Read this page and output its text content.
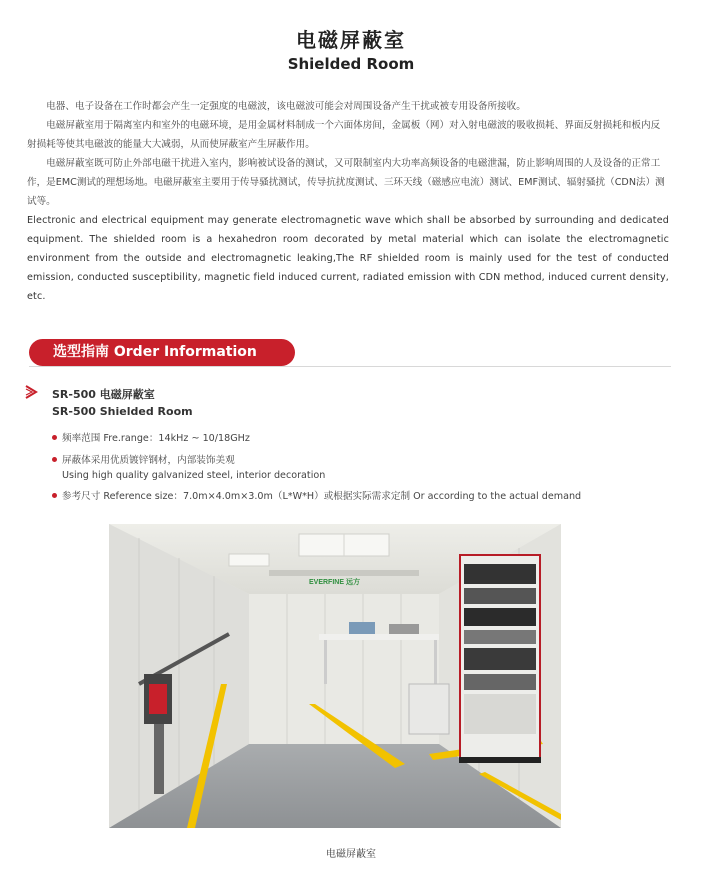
电磁屏蔽室
Shielded Room

电器、电子设备在工作时都会产生一定强度的电磁波，该电磁波可能会对周围设备产生干扰或被专用设备所接收。

电磁屏蔽室用于隔离室内和室外的电磁环境，是用金属材料制成一个六面体房间，金属板（网）对入射电磁波的吸收损耗、界面反射损耗和板内反射损耗等使其电磁波的能量大大减弱，从而使屏蔽室产生屏蔽作用。

电磁屏蔽室既可防止外部电磁干扰进入室内，影响被试设备的测试，又可限制室内大功率高频设备的电磁泄漏，防止影响周围的人及设备的正常工作，是EMC测试的理想场地。电磁屏蔽室主要用于传导骚扰测试，传导抗扰度测试、三环天线（磁感应电流）测试、EMF测试、辐射骚扰（CDN法）测试等。

Electronic and electrical equipment may generate electromagnetic wave which shall be absorbed by surrounding and dedicated equipment. The shielded room is a hexahedron room decorated by metal material which can isolate the electromagnetic environment from the outside and electromagnetic leaking,The RF shielded room is mainly used for the test of conducted emission, conducted susceptibility, magnetic field induced current, radiated emission with CDN method, induced current density, etc.

选型指南 Order Information
SR-500 电磁屏蔽室
SR-500 Shielded Room
频率范围 Fre.range：14kHz ~ 10/18GHz
屏蔽体采用优质镀锌钢材，内部装饰美观
Using high quality galvanized steel, interior decoration
参考尺寸 Reference size：7.0m×4.0m×3.0m（L*W*H）或根据实际需求定制 Or according to the actual demand
EVERFINE 远方
电磁屏蔽室
